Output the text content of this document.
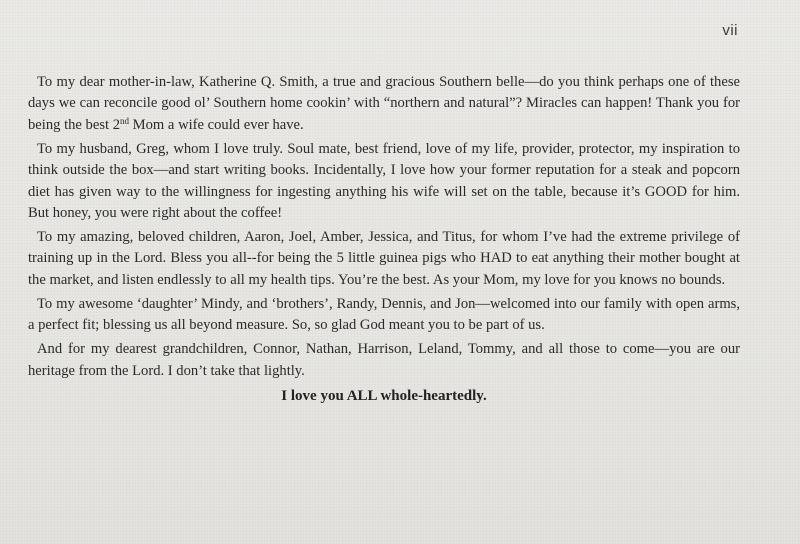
vii

To my dear mother-in-law, Katherine Q. Smith, a true and gracious Southern belle—do you think perhaps one of these days we can reconcile good ol’ Southern home cookin’ with “northern and natural”? Miracles can happen! Thank you for being the best 2nd Mom a wife could ever have.

To my husband, Greg, whom I love truly. Soul mate, best friend, love of my life, provider, protector, my inspiration to think outside the box—and start writing books. Incidentally, I love how your former reputation for a steak and popcorn diet has given way to the willingness for ingesting anything his wife will set on the table, because it’s GOOD for him. But honey, you were right about the coffee!

To my amazing, beloved children, Aaron, Joel, Amber, Jessica, and Titus, for whom I’ve had the extreme privilege of training up in the Lord. Bless you all--for being the 5 little guinea pigs who HAD to eat anything their mother bought at the market, and listen endlessly to all my health tips. You’re the best. As your Mom, my love for you knows no bounds.

To my awesome ‘daughter’ Mindy, and ‘brothers’, Randy, Dennis, and Jon—welcomed into our family with open arms, a perfect fit; blessing us all beyond measure. So, so glad God meant you to be part of us.

And for my dearest grandchildren, Connor, Nathan, Harrison, Leland, Tommy, and all those to come—you are our heritage from the Lord. I don’t take that lightly.

I love you ALL whole-heartedly.
